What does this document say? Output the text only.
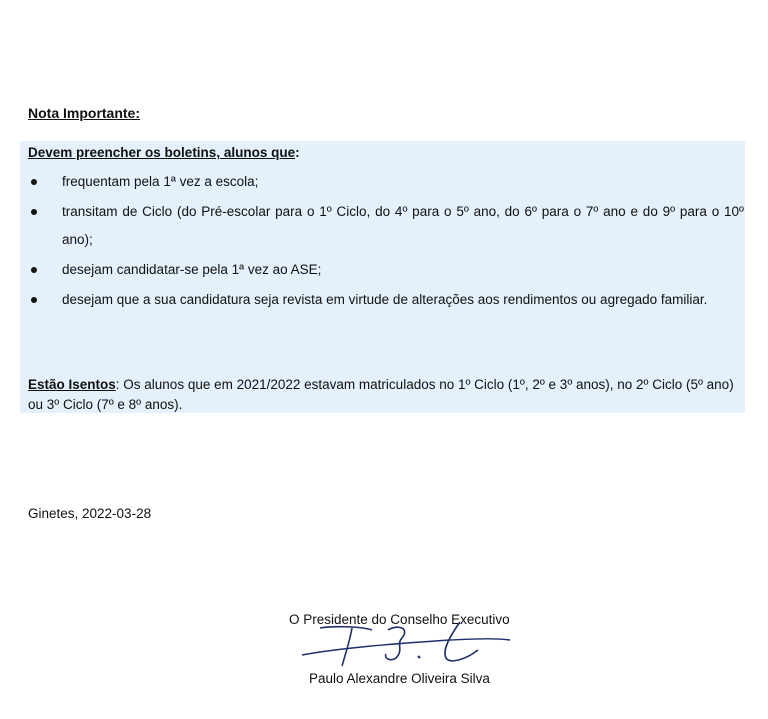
Nota Importante:
Devem preencher os boletins, alunos que:
frequentam pela 1ª vez a escola;
transitam de Ciclo (do Pré-escolar para o 1º Ciclo, do 4º para o 5º ano, do 6º para o 7º ano e do 9º para o 10º ano);
desejam candidatar-se pela 1ª vez ao ASE;
desejam que a sua candidatura seja revista em virtude de alterações aos rendimentos ou agregado familiar.
Estão Isentos: Os alunos que em 2021/2022 estavam matriculados no 1º Ciclo (1º, 2º e 3º anos), no 2º Ciclo (5º ano) ou 3º Ciclo (7º e 8º anos).
Ginetes, 2022-03-28
O Presidente do Conselho Executivo
Paulo Alexandre Oliveira Silva
